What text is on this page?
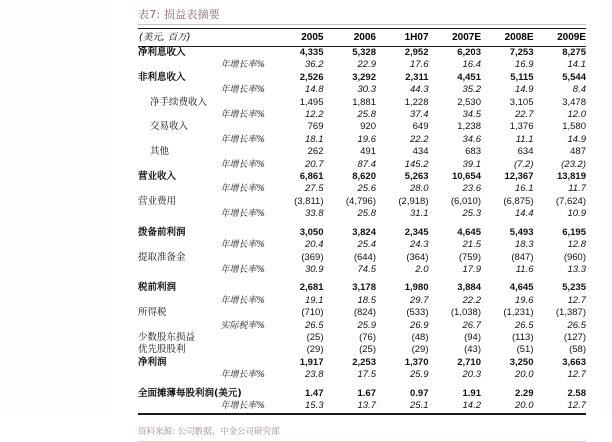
表7: 损益表摘要
(美元, 百万)	2005	2006	1H07	2007E	2008E	2009E
净利息收入	4,335	5,328	2,952	6,203	7,253	8,275
年增长率%	36.2	22.9	17.6	16.4	16.9	14.1
非利息收入	2,526	3,292	2,311	4,451	5,115	5,544
年增长率%	14.8	30.3	44.3	35.2	14.9	8.4
净手续费收入	1,495	1,881	1,228	2,530	3,105	3,478
年增长率%	12.2	25.8	37.4	34.5	22.7	12.0
交易收入	769	920	649	1,238	1,376	1,580
年增长率%	18.1	19.6	22.2	34.6	11.1	14.9
其他	262	491	434	683	634	487
年增长率%	20.7	87.4	145.2	39.1	(7.2)	(23.2)
营业收入	6,861	8,620	5,263	10,654	12,367	13,819
年增长率%	27.5	25.6	28.0	23.6	16.1	11.7
营业费用	(3,811)	(4,796)	(2,918)	(6,010)	(6,875)	(7,624)
年增长率%	33.8	25.8	31.1	25.3	14.4	10.9

拨备前利润	3,050	3,824	2,345	4,645	5,493	6,195
年增长率%	20.4	25.4	24.3	21.5	18.3	12.8
提取准备金	(369)	(644)	(364)	(759)	(847)	(960)
年增长率%	30.9	74.5	2.0	17.9	11.6	13.3

税前利润	2,681	3,178	1,980	3,884	4,645	5,235
年增长率%	19.1	18.5	29.7	22.2	19.6	12.7
所得税	(710)	(824)	(533)	(1,038)	(1,231)	(1,387)
实际税率%	26.5	25.9	26.9	26.7	26.5	26.5
少数股东损益	(25)	(76)	(48)	(94)	(113)	(127)
优先股股利	(29)	(25)	(29)	(43)	(51)	(58)
净利润	1,917	2,253	1,370	2,710	3,250	3,663
年增长率%	23.8	17.5	25.9	20.3	20.0	12.7

全面摊薄每股利润(美元)	1.47	1.67	0.97	1.91	2.29	2.58
年增长率%	15.3	13.7	25.1	14.2	20.0	12.7
资料来源: 公司数据、中金公司研究部
